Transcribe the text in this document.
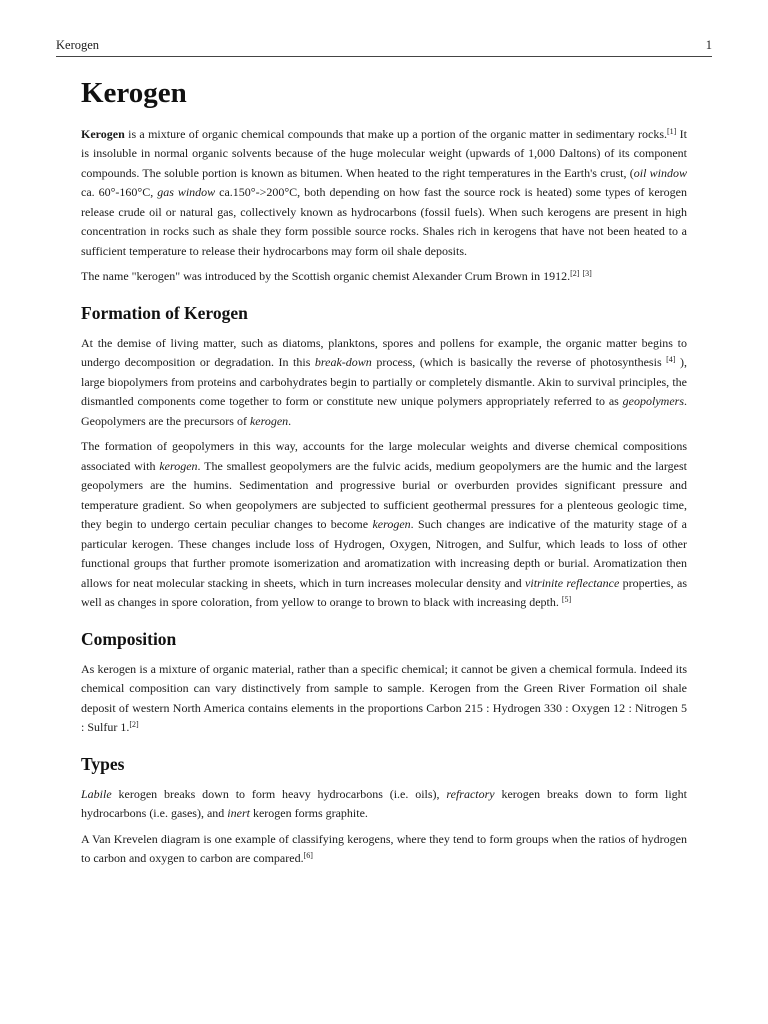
Kerogen	1
Kerogen

Kerogen is a mixture of organic chemical compounds that make up a portion of the organic matter in sedimentary rocks.[1] It is insoluble in normal organic solvents because of the huge molecular weight (upwards of 1,000 Daltons) of its component compounds. The soluble portion is known as bitumen. When heated to the right temperatures in the Earth's crust, (oil window ca. 60°-160°C, gas window ca.150°->200°C, both depending on how fast the source rock is heated) some types of kerogen release crude oil or natural gas, collectively known as hydrocarbons (fossil fuels). When such kerogens are present in high concentration in rocks such as shale they form possible source rocks. Shales rich in kerogens that have not been heated to a sufficient temperature to release their hydrocarbons may form oil shale deposits.

The name "kerogen" was introduced by the Scottish organic chemist Alexander Crum Brown in 1912.[2] [3]

Formation of Kerogen

At the demise of living matter, such as diatoms, planktons, spores and pollens for example, the organic matter begins to undergo decomposition or degradation. In this break-down process, (which is basically the reverse of photosynthesis [4] ), large biopolymers from proteins and carbohydrates begin to partially or completely dismantle. Akin to survival principles, the dismantled components come together to form or constitute new unique polymers appropriately referred to as geopolymers. Geopolymers are the precursors of kerogen.

The formation of geopolymers in this way, accounts for the large molecular weights and diverse chemical compositions associated with kerogen. The smallest geopolymers are the fulvic acids, medium geopolymers are the humic and the largest geopolymers are the humins. Sedimentation and progressive burial or overburden provides significant pressure and temperature gradient. So when geopolymers are subjected to sufficient geothermal pressures for a plenteous geologic time, they begin to undergo certain peculiar changes to become kerogen. Such changes are indicative of the maturity stage of a particular kerogen. These changes include loss of Hydrogen, Oxygen, Nitrogen, and Sulfur, which leads to loss of other functional groups that further promote isomerization and aromatization with increasing depth or burial. Aromatization then allows for neat molecular stacking in sheets, which in turn increases molecular density and vitrinite reflectance properties, as well as changes in spore coloration, from yellow to orange to brown to black with increasing depth. [5]

Composition

As kerogen is a mixture of organic material, rather than a specific chemical; it cannot be given a chemical formula. Indeed its chemical composition can vary distinctively from sample to sample. Kerogen from the Green River Formation oil shale deposit of western North America contains elements in the proportions Carbon 215 : Hydrogen 330 : Oxygen 12 : Nitrogen 5 : Sulfur 1.[2]

Types

Labile kerogen breaks down to form heavy hydrocarbons (i.e. oils), refractory kerogen breaks down to form light hydrocarbons (i.e. gases), and inert kerogen forms graphite.

A Van Krevelen diagram is one example of classifying kerogens, where they tend to form groups when the ratios of hydrogen to carbon and oxygen to carbon are compared.[6]
